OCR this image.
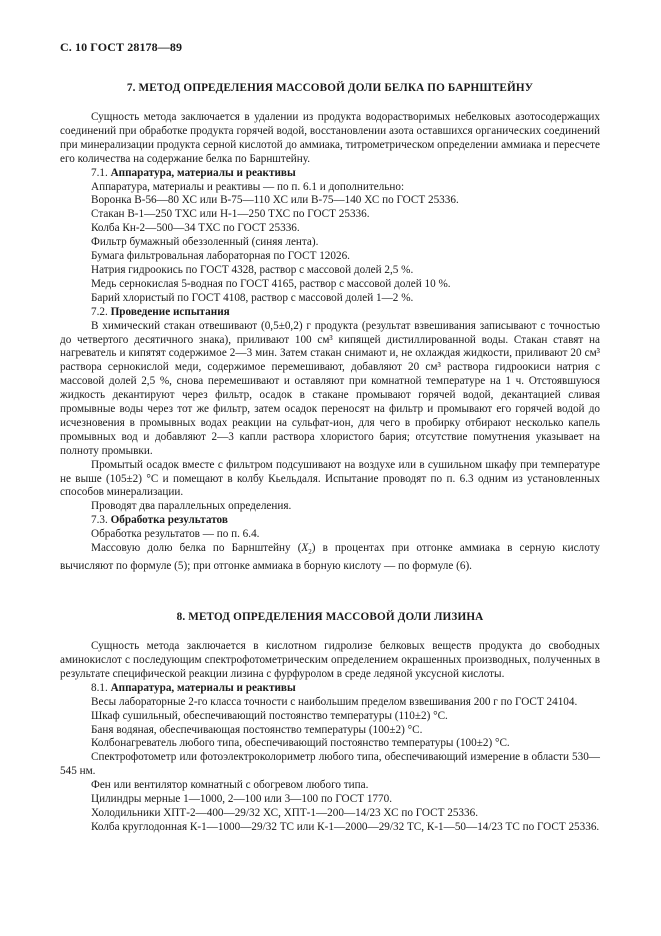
С. 10 ГОСТ 28178—89
7. МЕТОД ОПРЕДЕЛЕНИЯ МАССОВОЙ ДОЛИ БЕЛКА ПО БАРНШТЕЙНУ

Сущность метода заключается в удалении из продукта водорастворимых небелковых азотосодержащих соединений при обработке продукта горячей водой, восстановлении азота оставшихся органических соединений при минерализации продукта серной кислотой до аммиака, титрометрическом определении аммиака и пересчете его количества на содержание белка по Барнштейну.

7.1. Аппаратура, материалы и реактивы

Аппаратура, материалы и реактивы — по п. 6.1 и дополнительно:

Воронка В-56—80 ХС или В-75—110 ХС или В-75—140 ХС по ГОСТ 25336.

Стакан В-1—250 ТХС или Н-1—250 ТХС по ГОСТ 25336.

Колба Кн-2—500—34 ТХС по ГОСТ 25336.

Фильтр бумажный обеззоленный (синяя лента).

Бумага фильтровальная лабораторная по ГОСТ 12026.

Натрия гидроокись по ГОСТ 4328, раствор с массовой долей 2,5 %.

Медь сернокислая 5-водная по ГОСТ 4165, раствор с массовой долей 10 %.

Барий хлористый по ГОСТ 4108, раствор с массовой долей 1—2 %.

7.2. Проведение испытания

В химический стакан отвешивают (0,5±0,2) г продукта (результат взвешивания записывают с точностью до четвертого десятичного знака), приливают 100 см³ кипящей дистиллированной воды. Стакан ставят на нагреватель и кипятят содержимое 2—3 мин. Затем стакан снимают и, не охлаждая жидкости, приливают 20 см³ раствора сернокислой меди, содержимое перемешивают, добавляют 20 см³ раствора гидроокиси натрия с массовой долей 2,5 %, снова перемешивают и оставляют при комнатной температуре на 1 ч. Отстоявшуюся жидкость декантируют через фильтр, осадок в стакане промывают горячей водой, декантацией сливая промывные воды через тот же фильтр, затем осадок переносят на фильтр и промывают его горячей водой до исчезновения в промывных водах реакции на сульфат-ион, для чего в пробирку отбирают несколько капель промывных вод и добавляют 2—3 капли раствора хлористого бария; отсутствие помутнения указывает на полноту промывки.

Промытый осадок вместе с фильтром подсушивают на воздухе или в сушильном шкафу при температуре не выше (105±2) °С и помещают в колбу Кьельдаля. Испытание проводят по п. 6.3 одним из установленных способов минерализации.

Проводят два параллельных определения.

7.3. Обработка результатов

Обработка результатов — по п. 6.4.

Массовую долю белка по Барнштейну $(X_2)$ в процентах при отгонке аммиака в серную кислоту вычисляют по формуле (5); при отгонке аммиака в борную кислоту — по формуле (6).

8. МЕТОД ОПРЕДЕЛЕНИЯ МАССОВОЙ ДОЛИ ЛИЗИНА

Сущность метода заключается в кислотном гидролизе белковых веществ продукта до свободных аминокислот с последующим спектрофотометрическим определением окрашенных производных, полученных в результате специфической реакции лизина с фурфуролом в среде ледяной уксусной кислоты.

8.1. Аппаратура, материалы и реактивы

Весы лабораторные 2-го класса точности с наибольшим пределом взвешивания 200 г по ГОСТ 24104.

Шкаф сушильный, обеспечивающий постоянство температуры (110±2) °С.

Баня водяная, обеспечивающая постоянство температуры (100±2) °С.

Колбонагреватель любого типа, обеспечивающий постоянство температуры (100±2) °С.

Спектрофотометр или фотоэлектроколориметр любого типа, обеспечивающий измерение в области 530—545 нм.

Фен или вентилятор комнатный с обогревом любого типа.

Цилиндры мерные 1—1000, 2—100 или 3—100 по ГОСТ 1770.

Холодильники ХПТ-2—400—29/32 ХС, ХПТ-1—200—14/23 ХС по ГОСТ 25336.

Колба круглодонная К-1—1000—29/32 ТС или К-1—2000—29/32 ТС, К-1—50—14/23 ТС по ГОСТ 25336.
